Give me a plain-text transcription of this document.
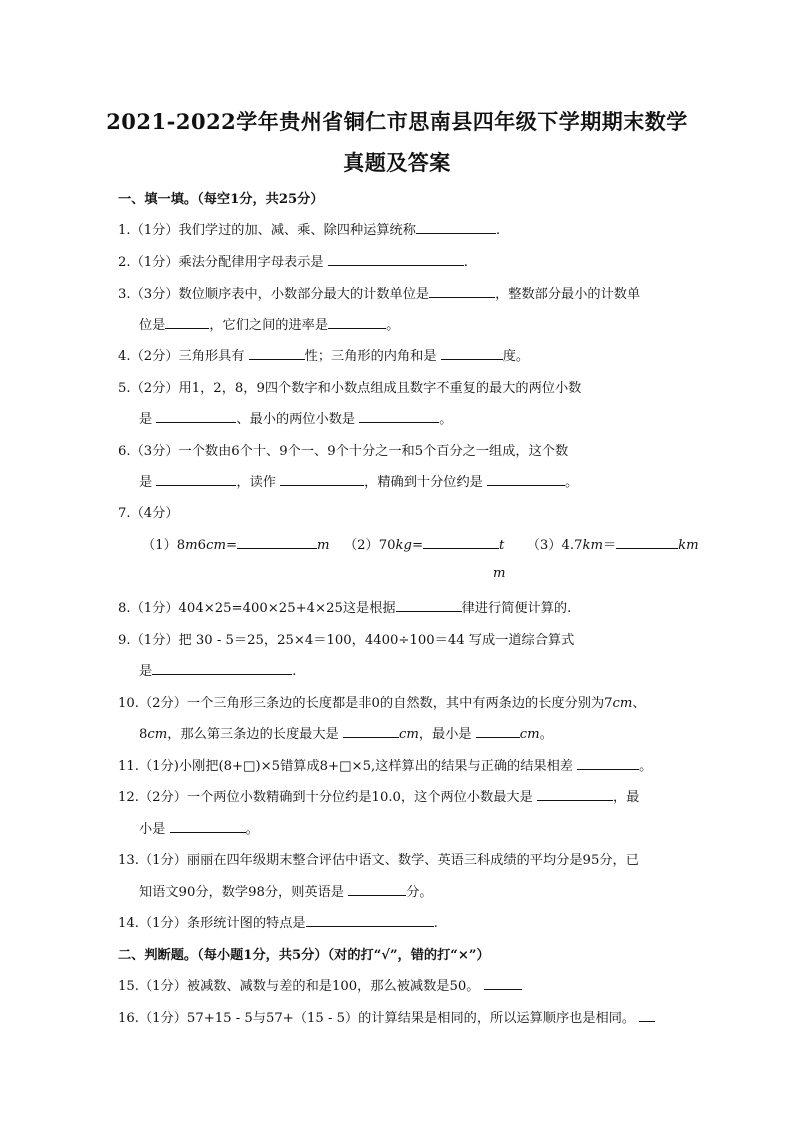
2021-2022学年贵州省铜仁市思南县四年级下学期期末数学
真题及答案
一、填一填。（每空1分，共25分）
1.（1分）我们学过的加、减、乘、除四种运算统称	.
2.（1分）乘法分配律用字母表示是	.
3.（3分）数位顺序表中，小数部分最大的计数单位是	，整数部分最小的计数单
位是	，它们之间的进率是	。
4.（2分）三角形具有	性；三角形的内角和是	度。
5.（2分）用1，2，8，9四个数字和小数点组成且数字不重复的最大的两位小数
是	、最小的两位小数是	。
6.（3分）一个数由6个十、9个一、9个十分之一和5个百分之一组成，这个数
是	，读作	，精确到十分位约是	。
7.（4分）
（1）8m6cm=	m （2）70kg=	t （3）4.7km＝	km
m
8.（1分）404×25=400×25+4×25这是根据	律进行简便计算的.
9.（1分）把 30 - 5＝25，25×4＝100，4400÷100＝44 写成一道综合算式
是	.
10.（2分）一个三角形三条边的长度都是非0的自然数，其中有两条边的长度分别为7cm、
8cm，那么第三条边的长度最大是	cm，最小是	cm。
11.（1分)小刚把(8+□)×5错算成8+□×5,这样算出的结果与正确的结果相差	。
12.（2分）一个两位小数精确到十分位约是10.0，这个两位小数最大是	，最
小是	。
13.（1分）丽丽在四年级期末整合评估中语文、数学、英语三科成绩的平均分是95分，已
知语文90分，数学98分，则英语是	分。
14.（1分）条形统计图的特点是	.
二、判断题。（每小题1分，共5分）（对的打“√”，错的打“×”）
15.（1分）被减数、减数与差的和是100，那么被减数是50。
16.（1分）57+15 - 5与57+（15 - 5）的计算结果是相同的，所以运算顺序也是相同。
